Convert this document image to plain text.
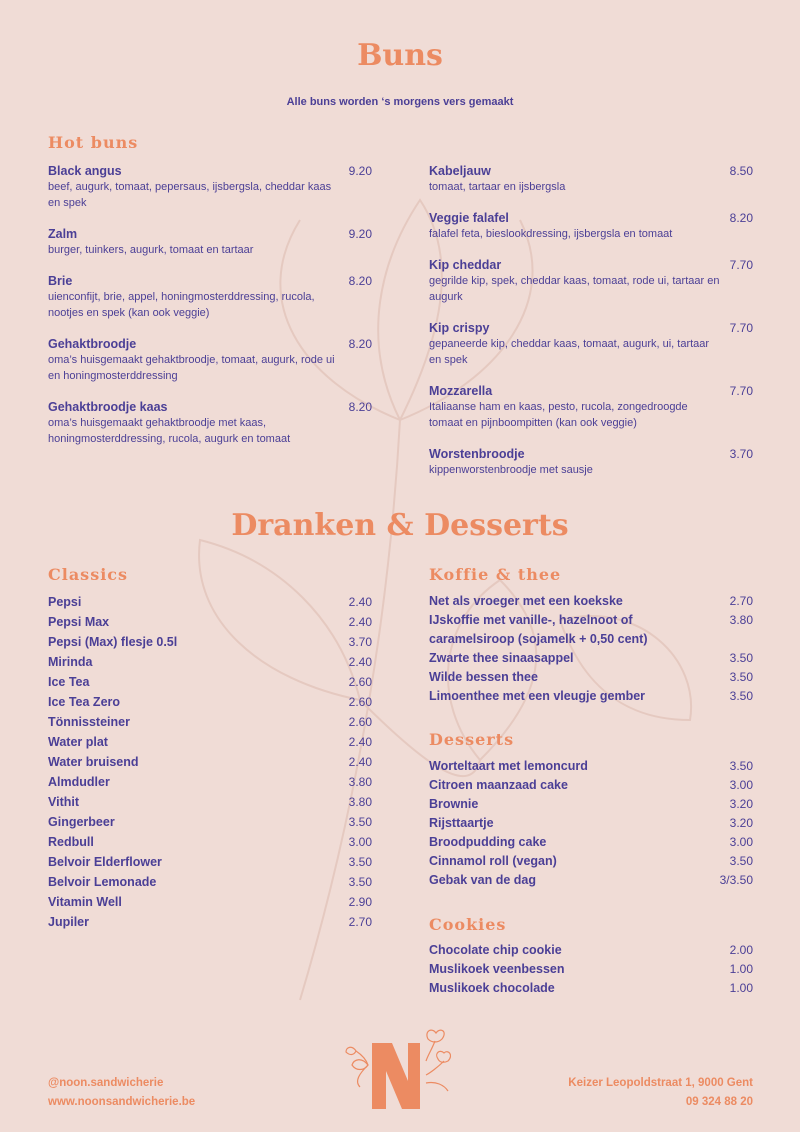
Buns
Alle buns worden ‘s morgens vers gemaakt
Hot buns
Black angus	9.20
beef, augurk, tomaat, pepersaus, ijsbergsla, cheddar kaas en spek
Zalm	9.20
burger, tuinkers, augurk, tomaat en tartaar
Brie	8.20
uienconfijt, brie, appel, honingmosterddressing, rucola, nootjes en spek (kan ook veggie)
Gehaktbroodje	8.20
oma’s huisgemaakt gehaktbroodje, tomaat, augurk, rode ui en honingmosterddressing
Gehaktbroodje kaas	8.20
oma’s huisgemaakt gehaktbroodje met kaas, honingmosterddressing, rucola, augurk en tomaat
Kabeljauw	8.50
tomaat, tartaar en ijsbergsla
Veggie falafel	8.20
falafel feta, bieslookdressing, ijsbergsla en tomaat
Kip cheddar	7.70
gegrilde kip, spek, cheddar kaas, tomaat, rode ui, tartaar en augurk
Kip crispy	7.70
gepaneerde kip, cheddar kaas, tomaat, augurk, ui, tartaar en spek
Mozzarella	7.70
Italiaanse ham en kaas, pesto, rucola, zongedroogde tomaat en pijnboompitten (kan ook veggie)
Worstenbroodje	3.70
kippenworstenbroodje met sausje
Dranken & Desserts
Classics
Pepsi	2.40
Pepsi Max	2.40
Pepsi (Max) flesje 0.5l	3.70
Mirinda	2.40
Ice Tea	2.60
Ice Tea Zero	2.60
Tönnissteiner	2.60
Water plat	2.40
Water bruisend	2.40
Almdudler	3.80
Vithit	3.80
Gingerbeer	3.50
Redbull	3.00
Belvoir Elderflower	3.50
Belvoir Lemonade	3.50
Vitamin Well	2.90
Jupiler	2.70
Koffie & thee
Net als vroeger met een koekske	2.70
IJskoffie met vanille-, hazelnoot of	3.80
caramelsiroop (sojamelk + 0,50 cent)
Zwarte thee sinaasappel	3.50
Wilde bessen thee	3.50
Limoenthee met een vleugje gember	3.50
Desserts
Worteltaart met lemoncurd	3.50
Citroen maanzaad cake	3.00
Brownie	3.20
Rijsttaartje	3.20
Broodpudding cake	3.00
Cinnamol roll (vegan)	3.50
Gebak van de dag	3/3.50
Cookies
Chocolate chip cookie	2.00
Muslikoek veenbessen	1.00
Muslikoek chocolade	1.00
@noon.sandwicherie
www.noonsandwicherie.be
Keizer Leopoldstraat 1, 9000 Gent
09 324 88 20
